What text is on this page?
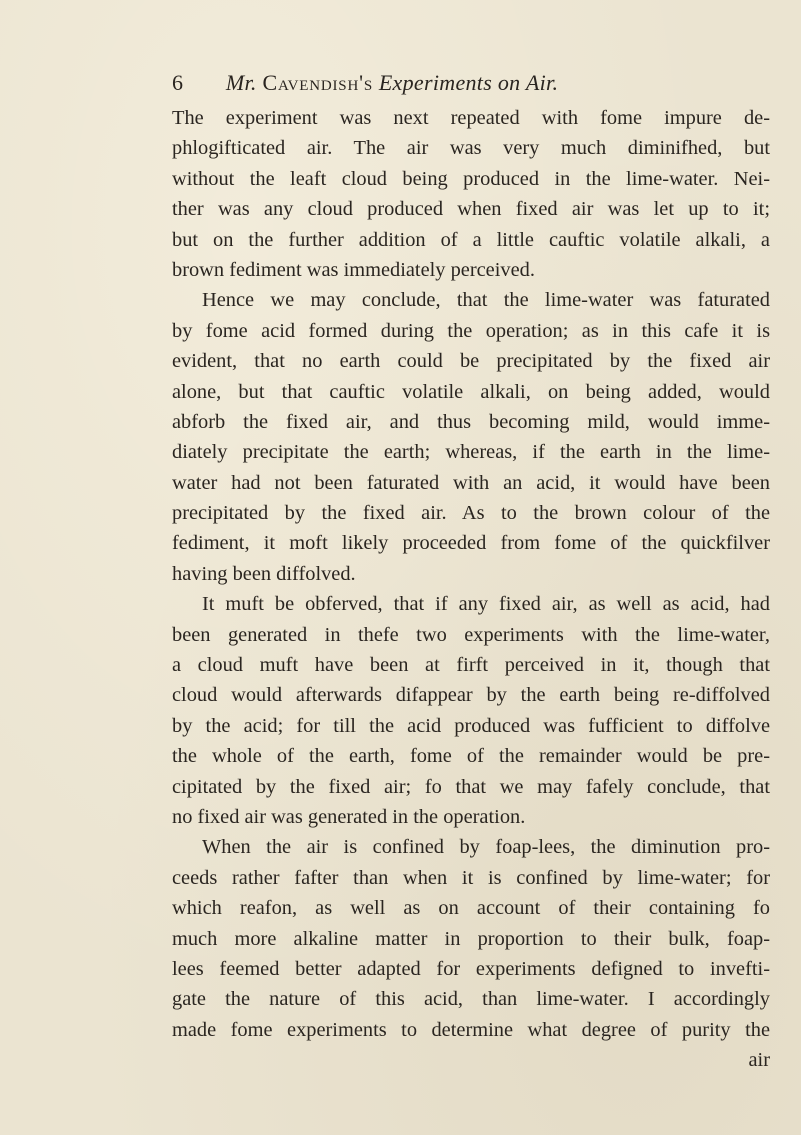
6 Mr. Cavendish's Experiments on Air.
The experiment was next repeated with fome impure de-
phlogifticated air. The air was very much diminifhed, but
without the leaft cloud being produced in the lime-water. Nei-
ther was any cloud produced when fixed air was let up to it;
but on the further addition of a little cauftic volatile alkali, a
brown fediment was immediately perceived.
Hence we may conclude, that the lime-water was faturated
by fome acid formed during the operation; as in this cafe it is
evident, that no earth could be precipitated by the fixed air
alone, but that cauftic volatile alkali, on being added, would
abforb the fixed air, and thus becoming mild, would imme-
diately precipitate the earth; whereas, if the earth in the lime-
water had not been faturated with an acid, it would have been
precipitated by the fixed air. As to the brown colour of the
fediment, it moft likely proceeded from fome of the quickfilver
having been diffolved.
It muft be obferved, that if any fixed air, as well as acid, had
been generated in thefe two experiments with the lime-water,
a cloud muft have been at firft perceived in it, though that
cloud would afterwards difappear by the earth being re-diffolved
by the acid; for till the acid produced was fufficient to diffolve
the whole of the earth, fome of the remainder would be pre-
cipitated by the fixed air; fo that we may fafely conclude, that
no fixed air was generated in the operation.
When the air is confined by foap-lees, the diminution pro-
ceeds rather fafter than when it is confined by lime-water; for
which reafon, as well as on account of their containing fo
much more alkaline matter in proportion to their bulk, foap-
lees feemed better adapted for experiments defigned to invefti-
gate the nature of this acid, than lime-water. I accordingly
made fome experiments to determine what degree of purity the
air
